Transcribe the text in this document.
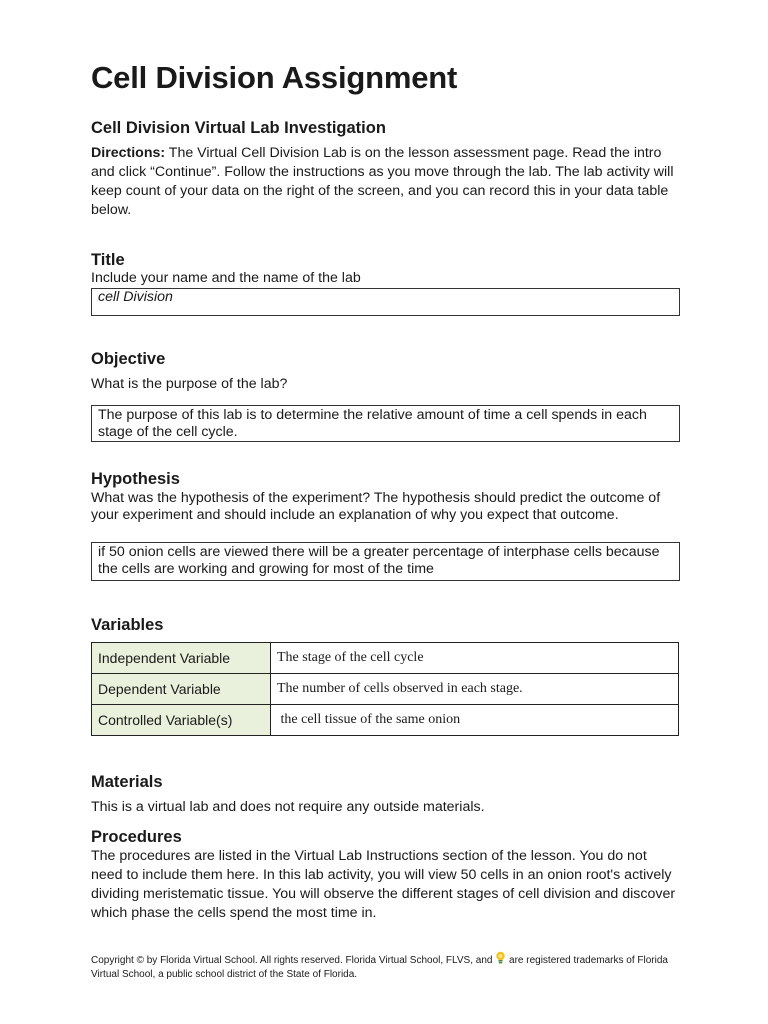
Cell Division Assignment
Cell Division Virtual Lab Investigation

Directions: The Virtual Cell Division Lab is on the lesson assessment page. Read the intro and click “Continue”. Follow the instructions as you move through the lab. The lab activity will keep count of your data on the right of the screen, and you can record this in your data table below.

Title

Include your name and the name of the lab

cell Division
Objective

What is the purpose of the lab?

The purpose of this lab is to determine the relative amount of time a cell spends in each stage of the cell cycle.
Hypothesis

What was the hypothesis of the experiment? The hypothesis should predict the outcome of your experiment and should include an explanation of why you expect that outcome.

if 50 onion cells are viewed there will be a greater percentage of interphase cells because the cells are working and growing for most of the time
Variables
Independent Variable	The stage of the cell cycle
Dependent Variable	The number of cells observed in each stage.
Controlled Variable(s)	the cell tissue of the same onion
Materials

This is a virtual lab and does not require any outside materials.

Procedures

The procedures are listed in the Virtual Lab Instructions section of the lesson. You do not need to include them here. In this lab activity, you will view 50 cells in an onion root's actively dividing meristematic tissue. You will observe the different stages of cell division and discover which phase the cells spend the most time in.

Copyright © by Florida Virtual School. All rights reserved. Florida Virtual School, FLVS, and  are registered trademarks of Florida Virtual School, a public school district of the State of Florida.
